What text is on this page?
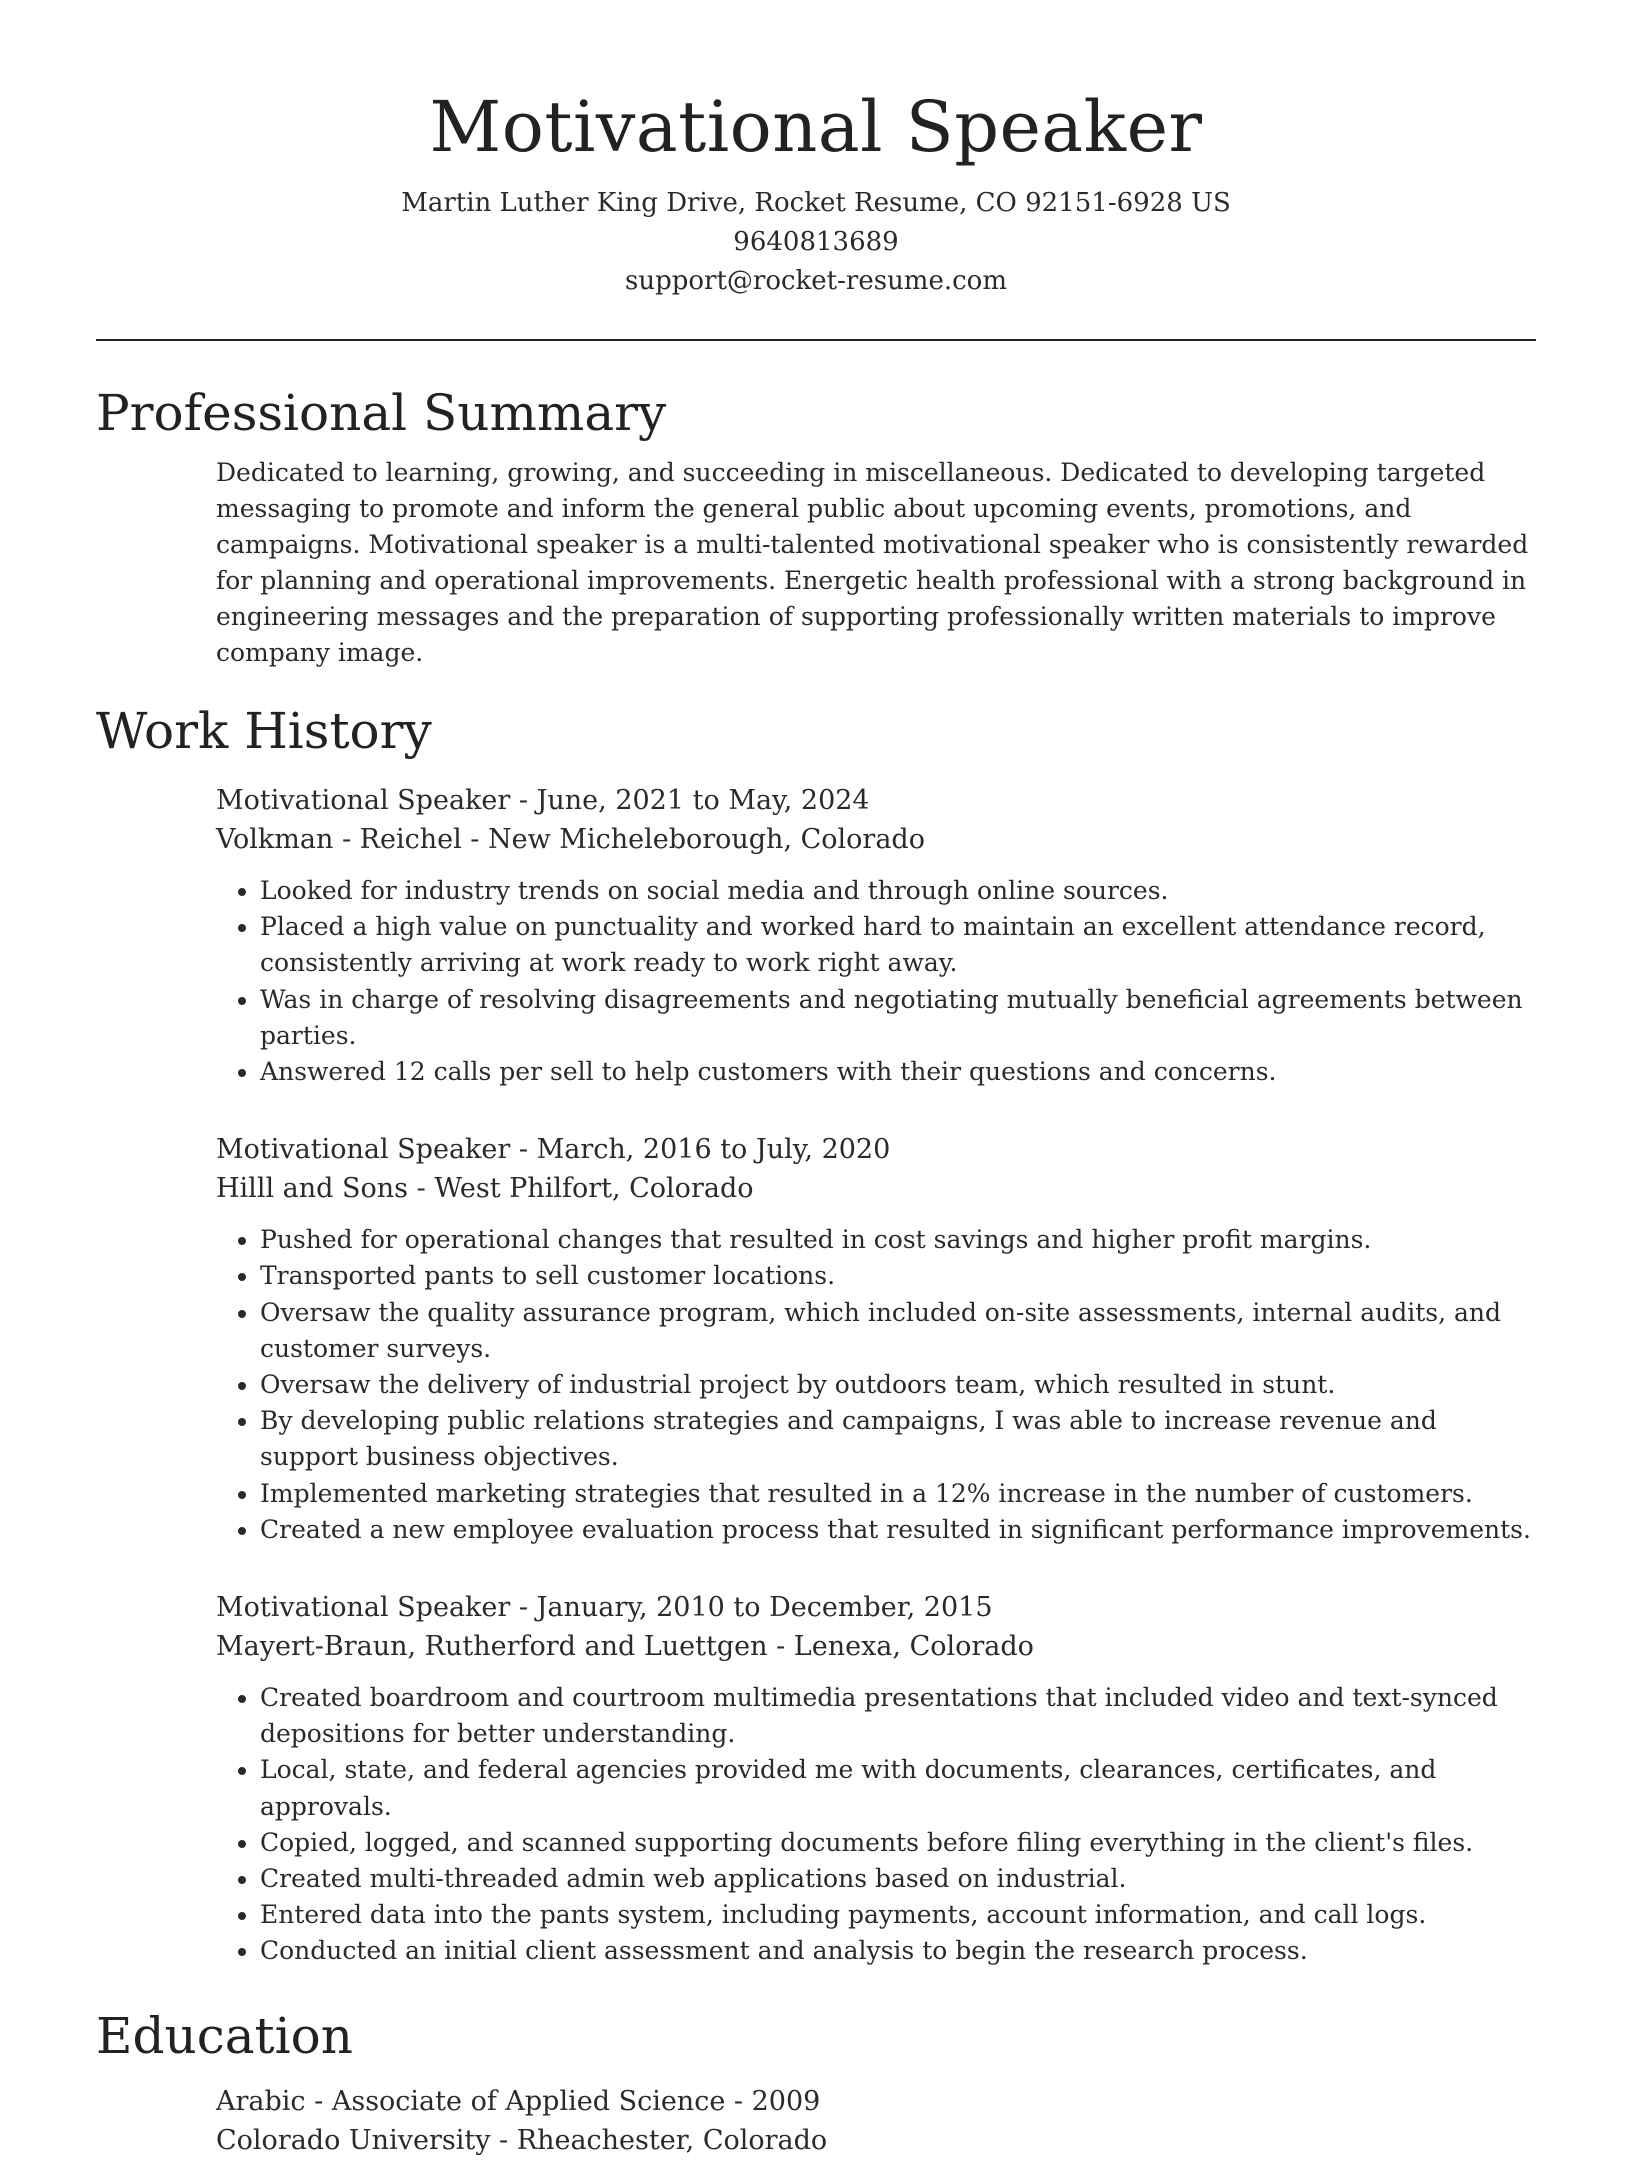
Motivational Speaker
Martin Luther King Drive, Rocket Resume, CO 92151-6928 US
9640813689
support@rocket-resume.com
Professional Summary

Dedicated to learning, growing, and succeeding in miscellaneous. Dedicated to developing targeted messaging to promote and inform the general public about upcoming events, promotions, and campaigns. Motivational speaker is a multi-talented motivational speaker who is consistently rewarded for planning and operational improvements. Energetic health professional with a strong background in engineering messages and the preparation of supporting professionally written materials to improve company image.

Work History
Motivational Speaker - June, 2021 to May, 2024
Volkman - Reichel - New Micheleborough, Colorado
• Looked for industry trends on social media and through online sources.
• Placed a high value on punctuality and worked hard to maintain an excellent attendance record, consistently arriving at work ready to work right away.
• Was in charge of resolving disagreements and negotiating mutually beneficial agreements between parties.
• Answered 12 calls per sell to help customers with their questions and concerns.
Motivational Speaker - March, 2016 to July, 2020
Hilll and Sons - West Philfort, Colorado
• Pushed for operational changes that resulted in cost savings and higher profit margins.
• Transported pants to sell customer locations.
• Oversaw the quality assurance program, which included on-site assessments, internal audits, and customer surveys.
• Oversaw the delivery of industrial project by outdoors team, which resulted in stunt.
• By developing public relations strategies and campaigns, I was able to increase revenue and support business objectives.
• Implemented marketing strategies that resulted in a 12% increase in the number of customers.
• Created a new employee evaluation process that resulted in significant performance improvements.
Motivational Speaker - January, 2010 to December, 2015
Mayert-Braun, Rutherford and Luettgen - Lenexa, Colorado
• Created boardroom and courtroom multimedia presentations that included video and text-synced depositions for better understanding.
• Local, state, and federal agencies provided me with documents, clearances, certificates, and approvals.
• Copied, logged, and scanned supporting documents before filing everything in the client's files.
• Created multi-threaded admin web applications based on industrial.
• Entered data into the pants system, including payments, account information, and call logs.
• Conducted an initial client assessment and analysis to begin the research process.
Education
Arabic - Associate of Applied Science - 2009
Colorado University - Rheachester, Colorado
